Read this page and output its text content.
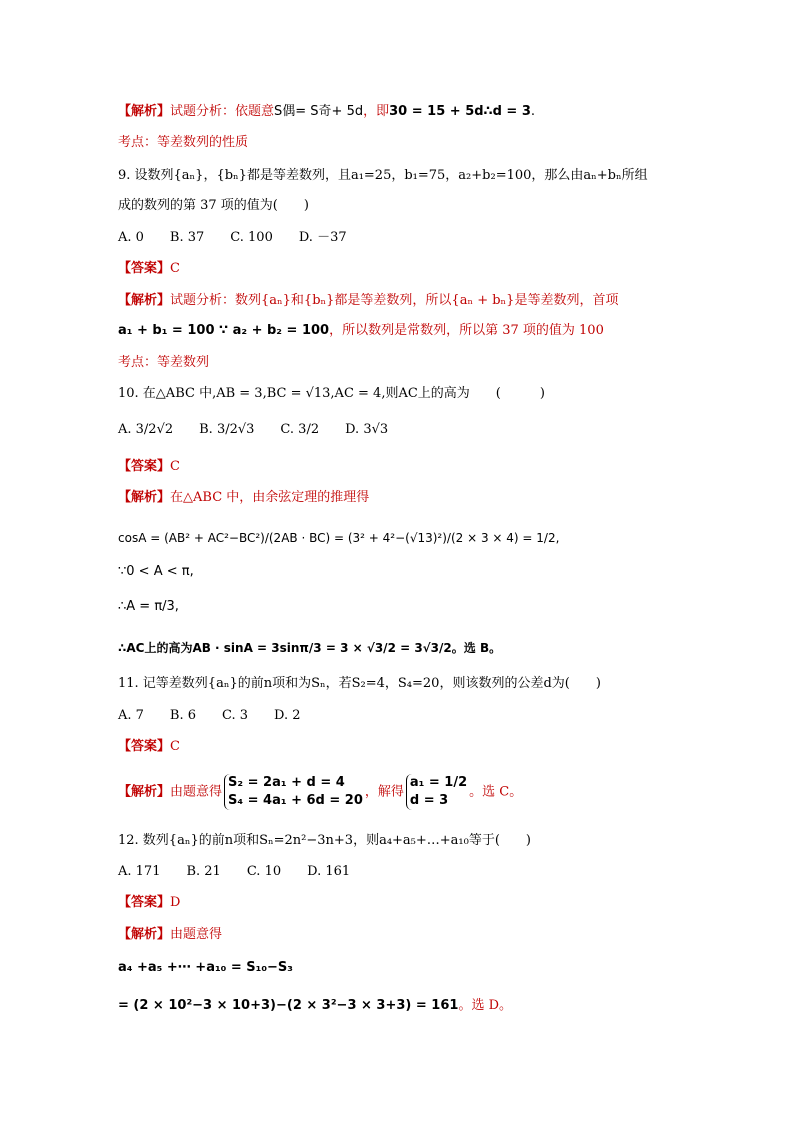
【解析】试题分析：依题意S偶= S奇+ 5d，即30 = 15 + 5d∴d = 3.
考点：等差数列的性质
9. 设数列{aₙ}，{bₙ}都是等差数列，且a₁=25，b₁=75，a₂+b₂=100，那么由aₙ+bₙ所组
成的数列的第 37 项的值为(　　)
A. 0　　B. 37　　C. 100　　D. －37
【答案】C
【解析】试题分析：数列{aₙ}和{bₙ}都是等差数列，所以{aₙ + bₙ}是等差数列，首项
a₁ + b₁ = 100 ∵ a₂ + b₂ = 100，所以数列是常数列，所以第 37 项的值为 100
考点：等差数列
10. 在△ABC 中,AB = 3,BC = √13,AC = 4,则AC上的高为　　(　　　)
A. 3/2√2　　B. 3/2√3　　C. 3/2　　D. 3√3
【答案】C
【解析】在△ABC 中，由余弦定理的推理得
cosA = (AB² + AC²−BC²)/(2AB · BC) = (3² + 4²−(√13)²)/(2 × 3 × 4) = 1/2,
∵0 < A < π,
∴A = π/3,
∴AC上的高为AB · sinA = 3sinπ/3 = 3 × √3/2 = 3√3/2。选 B。
11. 记等差数列{aₙ}的前n项和为Sₙ，若S₂=4，S₄=20，则该数列的公差d为(　　)
A. 7　　B. 6　　C. 3　　D. 2
【答案】C
【解析】由题意得
S₂ = 2a₁ + d = 4
S₄ = 4a₁ + 6d = 20
，解得
a₁ = 1/2
d = 3
。选 C。
12. 数列{aₙ}的前n项和Sₙ=2n²−3n+3，则a₄+a₅+…+a₁₀等于(　　)
A. 171　　B. 21　　C. 10　　D. 161
【答案】D
【解析】由题意得
a₄ +a₅ +⋯ +a₁₀ = S₁₀−S₃
= (2 × 10²−3 × 10+3)−(2 × 3²−3 × 3+3) = 161。选 D。
